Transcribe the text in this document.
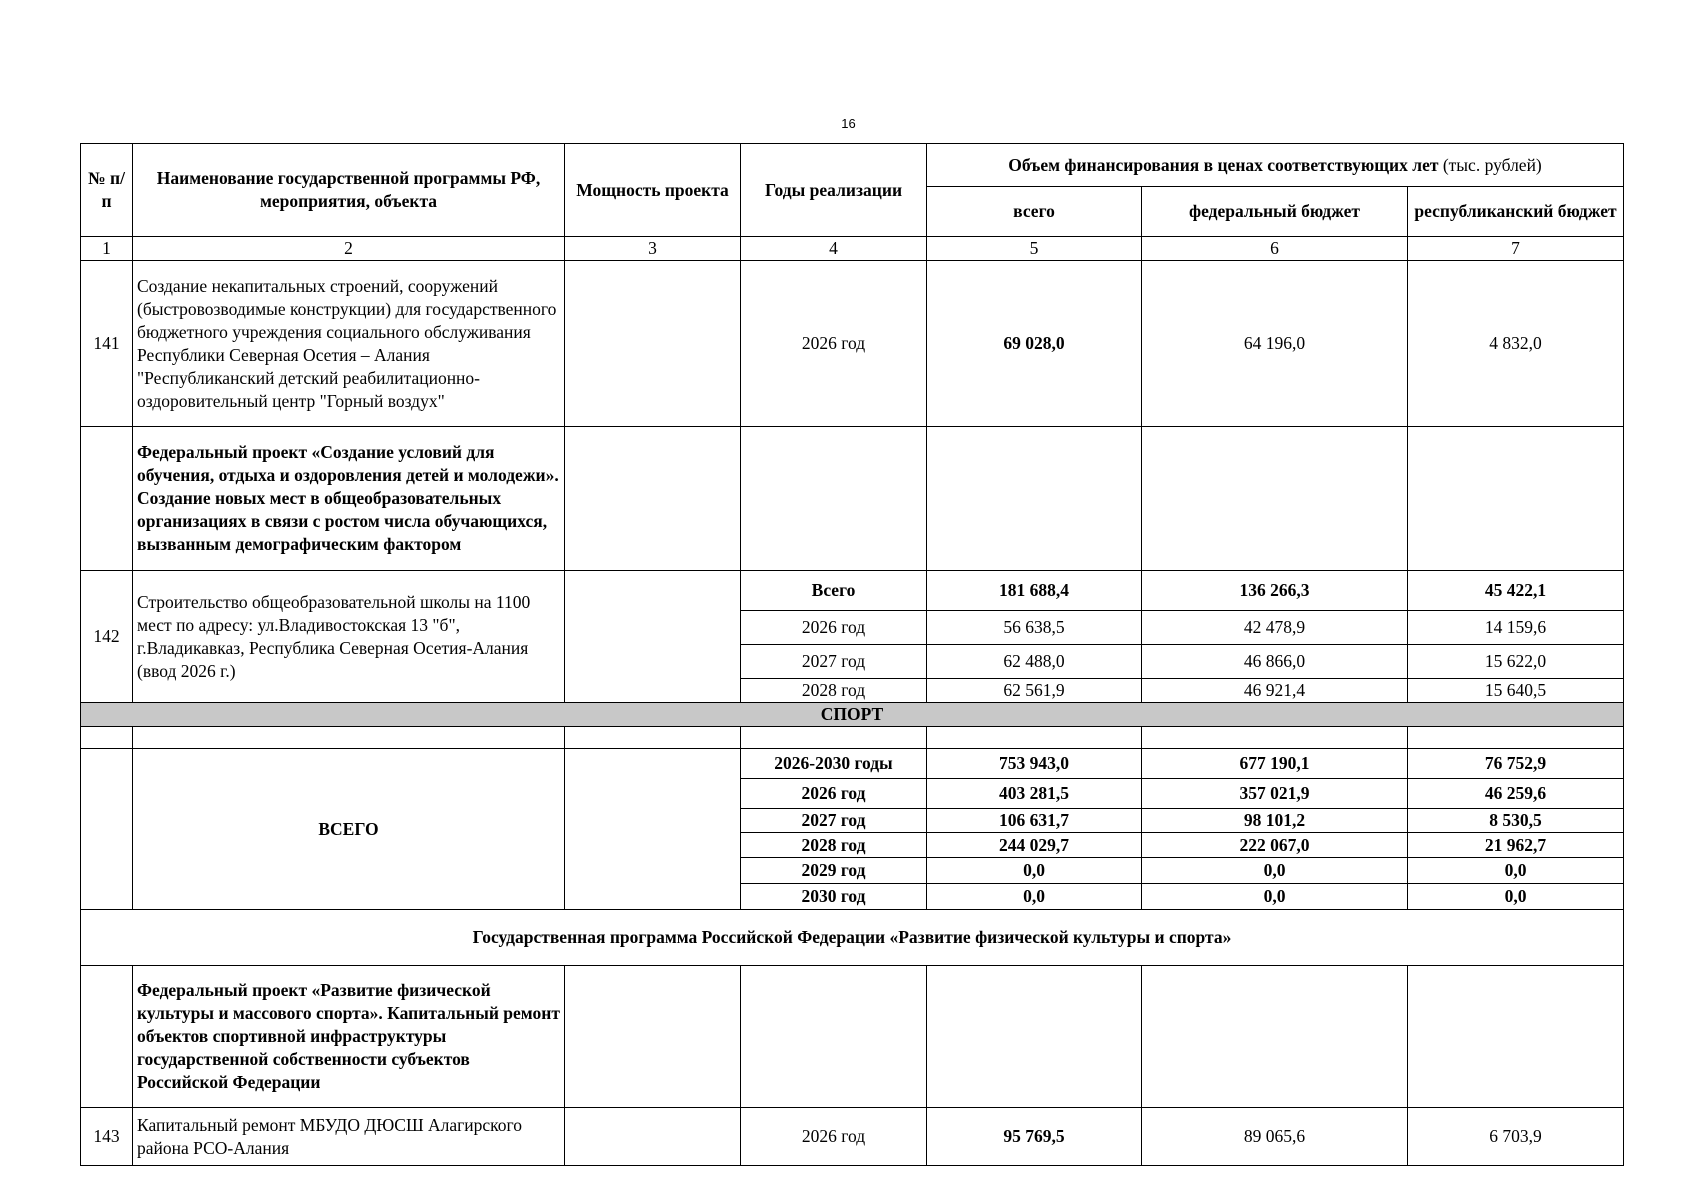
16
№ п/п	Наименование государственной программы РФ, мероприятия, объекта	Мощность проекта	Годы реализации	Объем финансирования в ценах соответствующих лет (тыс. рублей)		
				всего	федеральный бюджет	республиканский бюджет
1	2	3	4	5	6	7
141	Создание некапитальных строений, сооружений (быстровозводимые конструкции) для государственного бюджетного учреждения социального обслуживания Республики Северная Осетия – Алания "Республиканский детский реабилитационно-оздоровительный центр "Горный воздух"		2026 год	69 028,0	64 196,0	4 832,0
	Федеральный проект «Создание условий для обучения, отдыха и оздоровления детей и молодежи». Создание новых мест в общеобразовательных организациях в связи с ростом числа обучающихся, вызванным демографическим фактором					
142	Строительство общеобразовательной школы на 1100 мест по адресу: ул.Владивостокская 13 "б", г.Владикавказ, Республика Северная Осетия-Алания (ввод 2026 г.)		Всего	181 688,4	136 266,3	45 422,1
			2026 год	56 638,5	42 478,9	14 159,6
			2027 год	62 488,0	46 866,0	15 622,0
			2028 год	62 561,9	46 921,4	15 640,5
СПОРТ						

	ВСЕГО		2026-2030 годы	753 943,0	677 190,1	76 752,9
			2026 год	403 281,5	357 021,9	46 259,6
			2027 год	106 631,7	98 101,2	8 530,5
			2028 год	244 029,7	222 067,0	21 962,7
			2029 год	0,0	0,0	0,0
			2030 год	0,0	0,0	0,0
Государственная программа Российской Федерации «Развитие физической культуры и спорта»						
	Федеральный проект «Развитие физической культуры и массового спорта». Капитальный ремонт объектов спортивной инфраструктуры государственной собственности субъектов Российской Федерации					
143	Капитальный ремонт МБУДО ДЮСШ Алагирского района РСО-Алания		2026 год	95 769,5	89 065,6	6 703,9
